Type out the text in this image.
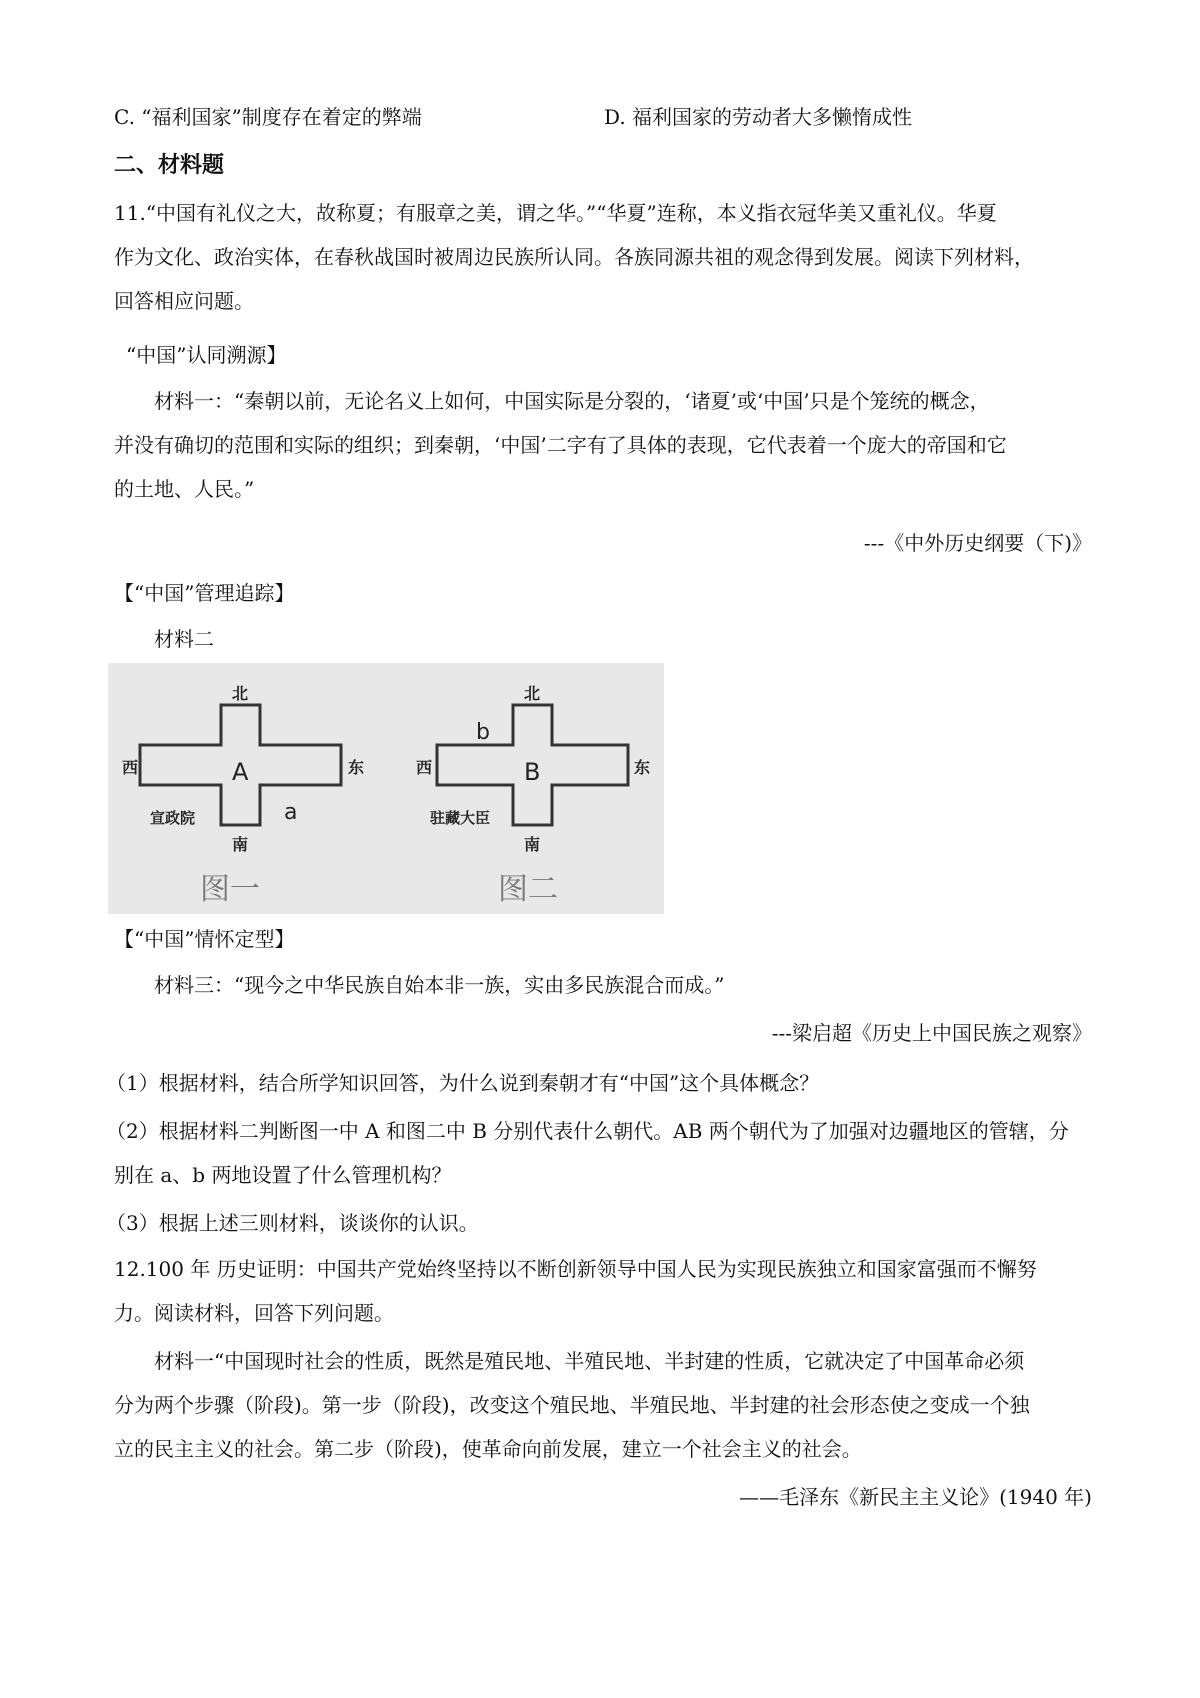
C. “福利国家”制度存在着定的弊端	D. 福利国家的劳动者大多懒惰成性
二、材料题
11.“中国有礼仪之大，故称夏；有服章之美，谓之华。”“华夏”连称，本义指衣冠华美又重礼仪。华夏
作为文化、政治实体，在春秋战国时被周边民族所认同。各族同源共祖的观念得到发展。阅读下列材料，
回答相应问题。
“中国”认同溯源】
材料一：“秦朝以前，无论名义上如何，中国实际是分裂的，‘诸夏’或‘中国’只是个笼统的概念，
并没有确切的范围和实际的组织；到秦朝，‘中国’二字有了具体的表现，它代表着一个庞大的帝国和它
的土地、人民。”
---《中外历史纲要（下)》
【“中国”管理追踪】
材料二
北
南
西	东
A
a
宣政院
图一
北
南
西	东
B
b
驻藏大臣
图二
【“中国”情怀定型】
材料三：“现今之中华民族自始本非一族，实由多民族混合而成。”
---梁启超《历史上中国民族之观察》
（1）根据材料，结合所学知识回答，为什么说到秦朝才有“中国”这个具体概念？
（2）根据材料二判断图一中 A 和图二中 B 分别代表什么朝代。AB 两个朝代为了加强对边疆地区的管辖，分
别在 a、b 两地设置了什么管理机构？
（3）根据上述三则材料，谈谈你的认识。
12.100 年 历史证明：中国共产党始终坚持以不断创新领导中国人民为实现民族独立和国家富强而不懈努
力。阅读材料，回答下列问题。
材料一“中国现时社会的性质，既然是殖民地、半殖民地、半封建的性质，它就决定了中国革命必须
分为两个步骤（阶段)。第一步（阶段)，改变这个殖民地、半殖民地、半封建的社会形态使之变成一个独
立的民主主义的社会。第二步（阶段)，使革命向前发展，建立一个社会主义的社会。
——毛泽东《新民主主义论》(1940 年)
